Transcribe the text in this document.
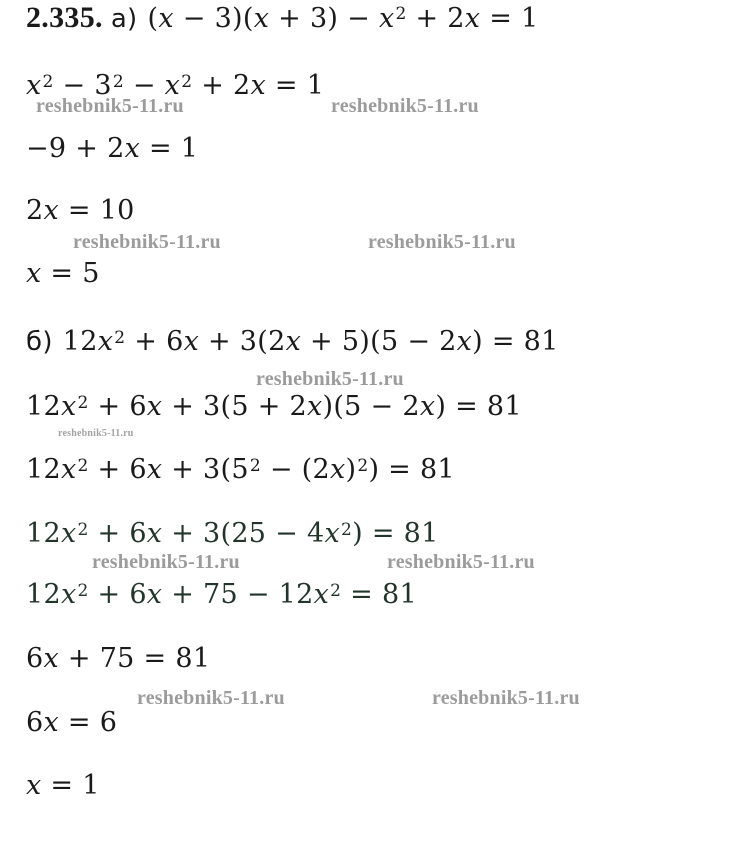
2.335. а) $(x - 3)(x + 3) - x^2 + 2x = 1$
$x^2 - 3^2 - x^2 + 2x = 1$
−9 + 2x = 1
2x = 10
x = 5
б) $12x^2 + 6x + 3(2x + 5)(5 - 2x) = 81$
$12x^2 + 6x + 3(5 + 2x)(5 - 2x) = 81$
$12x^2 + 6x + 3(5^2 - (2x)^2) = 81$
$12x^2 + 6x + 3(25 - 4x^2) = 81$
$12x^2 + 6x + 75 - 12x^2 = 81$
6x + 75 = 81
6x = 6
x = 1
reshebnik5-11.ru	reshebnik5-11.ru
reshebnik5-11.ru	reshebnik5-11.ru
reshebnik5-11.ru
reshebnik5-11.ru
reshebnik5-11.ru	reshebnik5-11.ru
reshebnik5-11.ru	reshebnik5-11.ru
